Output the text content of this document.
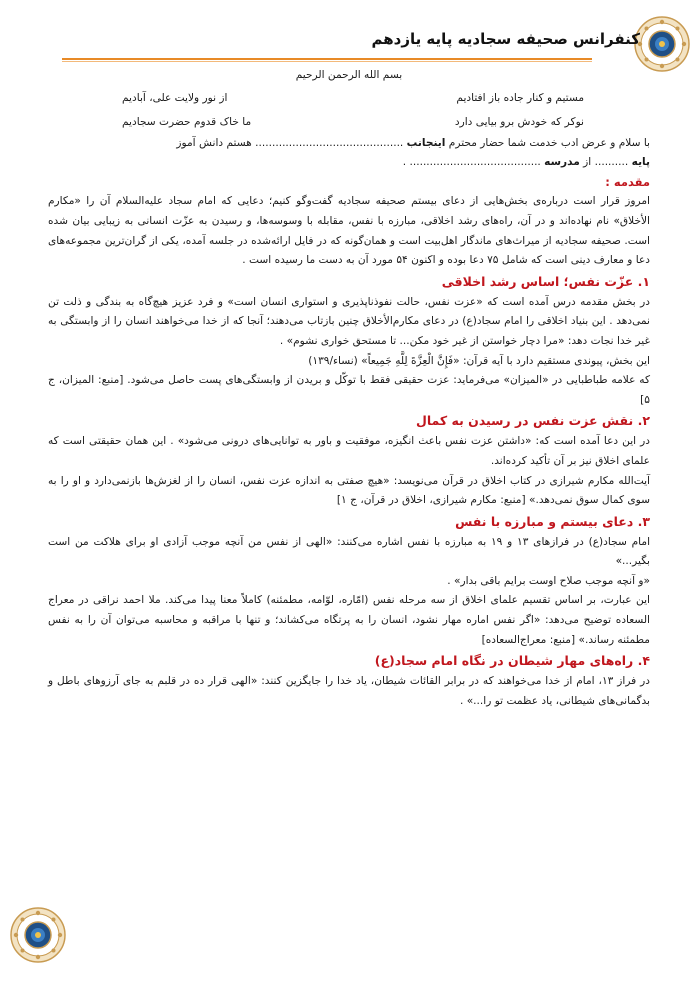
کنفرانس صحیفه سجادیه پایه یازدهم

بسم الله الرحمن الرحیم

مستیم و کنار جاده باز افتادیم
از نور ولایت علی، آبادیم
نوکر که خودش برو بیایی دارد
ما خاک قدوم حضرت سجادیم

با سلام و عرض ادب خدمت شما حضار محترم اینجانب ............................................ هستم دانش آموز

پایه .......... از مدرسه ....................................... .

مقدمه :

امروز قرار است درباره‌ی بخش‌هایی از دعای بیستم صحیفه سجادیه گفت‌وگو کنیم؛ دعایی که امام سجاد علیه‌السلام آن را «مکارم الأخلاق» نام نهاده‌اند و در آن، راه‌های رشد اخلاقی، مبارزه با نفس، مقابله با وسوسه‌ها، و رسیدن به عزّت انسانی به زیبایی بیان شده است. صحیفه سجادیه از میراث‌های ماندگار اهل‌بیت است و همان‌گونه که در فایل ارائه‌شده در جلسه آمده، یکی از گران‌ترین مجموعه‌های دعا و معارف دینی است که شامل ۷۵ دعا بوده و اکنون ۵۴ مورد آن به دست ما رسیده است .

۱. عزّت نفس؛ اساس رشد اخلاقی

در بخش مقدمه درس آمده است که «عزت نفس، حالت نفوذناپذیری و استواری انسان است» و فرد عزیز هیچ‌گاه به بندگی و ذلت تن نمی‌دهد . این بنیاد اخلاقی را امام سجاد(ع) در دعای مکارم‌الأخلاق چنین بازتاب می‌دهند؛ آنجا که از خدا می‌خواهند انسان را از وابستگی به غیر خدا نجات دهد: «مرا دچار خواستن از غیر خود مکن... تا مستحق خواری نشوم» .

این بخش، پیوندی مستقیم دارد با آیه قرآن: «فَإِنَّ الْعِزَّةَ لِلَّهِ جَمِیعاً» (نساء/۱۳۹)

که علامه طباطبایی در «المیزان» می‌فرماید: عزت حقیقی فقط با توکّل و بریدن از وابستگی‌های پست حاصل می‌شود. [منبع: المیزان، ج ۵]

۲. نقش عزت نفس در رسیدن به کمال

در این دعا آمده است که: «داشتن عزت نفس باعث انگیزه، موفقیت و باور به توانایی‌های درونی می‌شود» . این همان حقیقتی است که علمای اخلاق نیز بر آن تأکید کرده‌اند.

آیت‌الله مکارم شیرازی در کتاب اخلاق در قرآن می‌نویسد: «هیچ صفتی به اندازه عزت نفس، انسان را از لغزش‌ها بازنمی‌دارد و او را به سوی کمال سوق نمی‌دهد.» [منبع: مکارم شیرازی، اخلاق در قرآن، ج ۱]

۳. دعای بیستم و مبارزه با نفس

امام سجاد(ع) در فرازهای ۱۳ و ۱۹ به مبارزه با نفس اشاره می‌کنند: «الهی از نفس من آنچه موجب آزادی او برای هلاکت من است بگیر...»

«و آنچه موجب صلاح اوست برایم باقی بدار» .

این عبارت، بر اساس تقسیم علمای اخلاق از سه مرحله نفس (امّاره، لوّامه، مطمئنه) کاملاً معنا پیدا می‌کند. ملا احمد نراقی در معراج السعاده توضیح می‌دهد: «اگر نفس اماره مهار نشود، انسان را به پرتگاه می‌کشاند؛ و تنها با مراقبه و محاسبه می‌توان آن را به نفس مطمئنه رساند.» [منبع: معراج‌السعاده]

۴. راه‌های مهار شیطان در نگاه امام سجاد(ع)

در فراز ۱۳، امام از خدا می‌خواهند که در برابر القائات شیطان، یاد خدا را جایگزین کنند: «الهی قرار ده در قلبم به جای آرزوهای باطل و بدگمانی‌های شیطانی، یاد عظمت تو را...» .
